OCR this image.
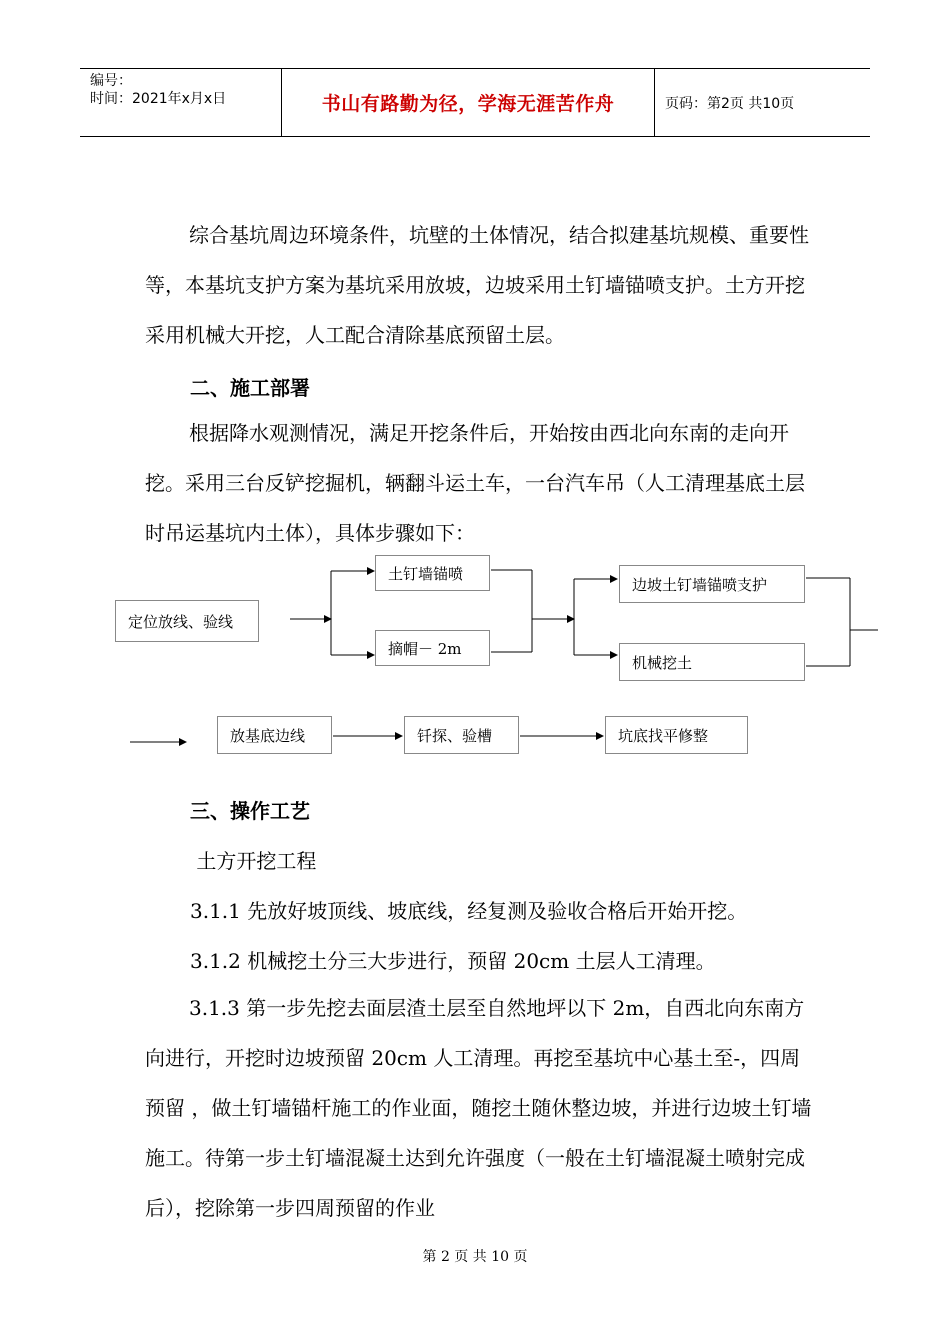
编号：
时间：2021年x月x日	书山有路勤为径，学海无涯苦作舟	页码：第2页 共10页

综合基坑周边环境条件，坑壁的土体情况，结合拟建基坑规模、重要性等，本基坑支护方案为基坑采用放坡，边坡采用土钉墙锚喷支护。土方开挖采用机械大开挖，人工配合清除基底预留土层。

二、施工部署

根据降水观测情况，满足开挖条件后，开始按由西北向东南的走向开挖。采用三台反铲挖掘机，辆翻斗运土车，一台汽车吊（人工清理基底土层时吊运基坑内土体），具体步骤如下：

定位放线、验线
土钉墙锚喷
摘帽－ 2m
边坡土钉墙锚喷支护
机械挖土
放基底边线	钎探、验槽	坑底找平修整
三、操作工艺
土方开挖工程
3.1.1 先放好坡顶线、坡底线，经复测及验收合格后开始开挖。
3.1.2 机械挖土分三大步进行，预留 20cm 土层人工清理。

3.1.3 第一步先挖去面层渣土层至自然地坪以下 2m，自西北向东南方向进行，开挖时边坡预留 20cm 人工清理。再挖至基坑中心基土至-，四周预留 ，做土钉墙锚杆施工的作业面，随挖土随休整边坡，并进行边坡土钉墙施工。待第一步土钉墙混凝土达到允许强度（一般在土钉墙混凝土喷射完成后），挖除第一步四周预留的作业

第 2 页 共 10 页
